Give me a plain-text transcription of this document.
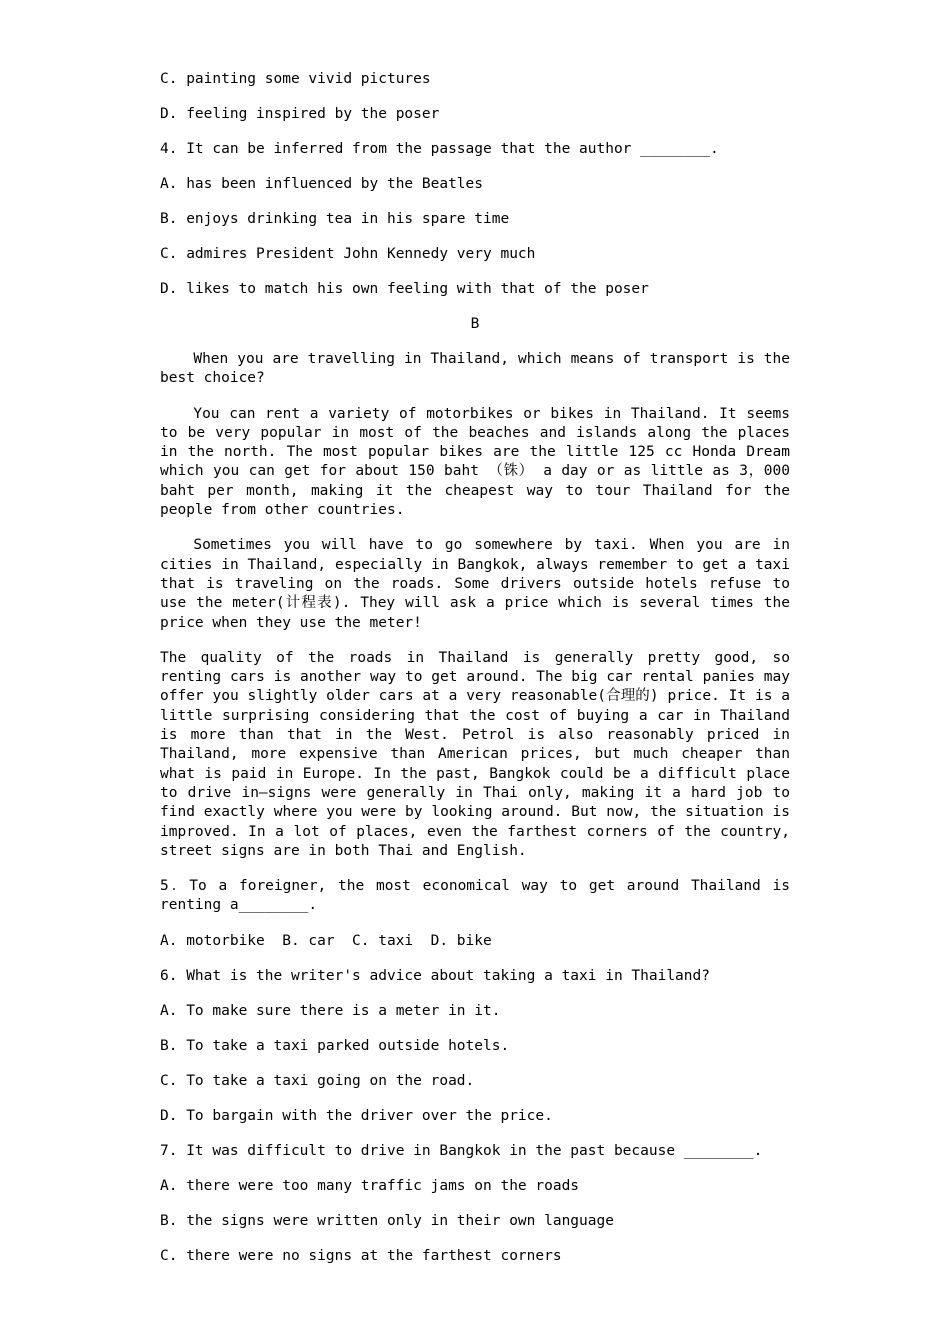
C. painting some vivid pictures

D. feeling inspired by the poser

4. It can be inferred from the passage that the author ________.

A. has been influenced by the Beatles

B. enjoys drinking tea in his spare time

C. admires President John Kennedy very much

D. likes to match his own feeling with that of the poser

B

When you are travelling in Thailand, which means of transport is the best choice?

You can rent a variety of motorbikes or bikes in Thailand. It seems to be very popular in most of the beaches and islands along the places in the north. The most popular bikes are the little 125 cc Honda Dream which you can get for about 150 baht （铢） a day or as little as 3，000 baht per month, making it the cheapest way to tour Thailand for the people from other countries.

Sometimes you will have to go somewhere by taxi. When you are in cities in Thailand, especially in Bangkok, always remember to get a taxi that is traveling on the roads. Some drivers outside hotels refuse to use the meter(计程表). They will ask a price which is several times the price when they use the meter!

The quality of the roads in Thailand is generally pretty good, so renting cars is another way to get around. The big car rental panies may offer you slightly older cars at a very reasonable(合理的) price. It is a little surprising considering that the cost of buying a car in Thailand is more than that in the West. Petrol is also reasonably priced in Thailand, more expensive than American prices, but much cheaper than what is paid in Europe. In the past, Bangkok could be a difficult place to drive in—signs were generally in Thai only, making it a hard job to find exactly where you were by looking around. But now, the situation is improved. In a lot of places, even the farthest corners of the country, street signs are in both Thai and English.

5．To a foreigner, the most economical way to get around Thailand is renting a________.

A. motorbike  B. car  C. taxi  D. bike

6. What is the writer's advice about taking a taxi in Thailand?

A. To make sure there is a meter in it.

B. To take a taxi parked outside hotels.

C. To take a taxi going on the road.

D. To bargain with the driver over the price.

7. It was difficult to drive in Bangkok in the past because ________.

A. there were too many traffic jams on the roads

B. the signs were written only in their own language

C. there were no signs at the farthest corners
